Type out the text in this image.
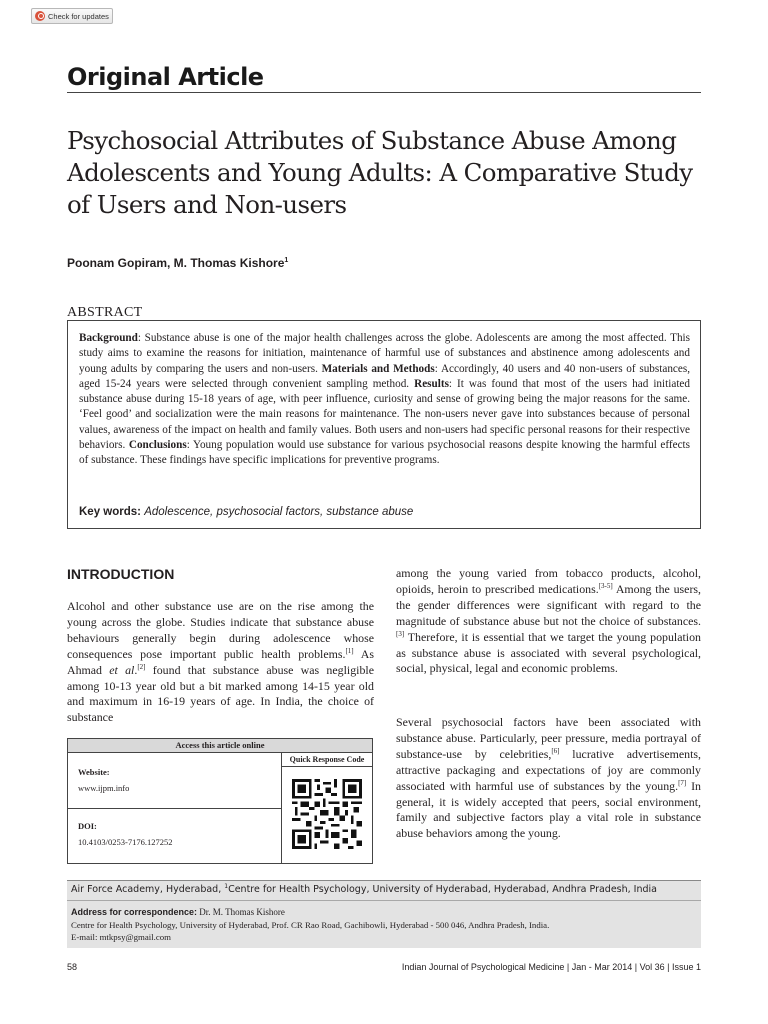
Check for updates
Original Article
Psychosocial Attributes of Substance Abuse Among Adolescents and Young Adults: A Comparative Study of Users and Non-users
Poonam Gopiram, M. Thomas Kishore$^1$
ABSTRACT

Background: Substance abuse is one of the major health challenges across the globe. Adolescents are among the most affected. This study aims to examine the reasons for initiation, maintenance of harmful use of substances and abstinence among adolescents and young adults by comparing the users and non-users. Materials and Methods: Accordingly, 40 users and 40 non-users of substances, aged 15-24 years were selected through convenient sampling method. Results: It was found that most of the users had initiated substance abuse during 15-18 years of age, with peer influence, curiosity and sense of growing being the major reasons for the same. ‘Feel good’ and socialization were the main reasons for maintenance. The non-users never gave into substances because of personal values, awareness of the impact on health and family values. Both users and non-users had specific personal reasons for their respective behaviors. Conclusions: Young population would use substance for various psychosocial reasons despite knowing the harmful effects of substance. These findings have specific implications for preventive programs.

Key words: Adolescence, psychosocial factors, substance abuse
INTRODUCTION

Alcohol and other substance use are on the rise among the young across the globe. Studies indicate that substance abuse behaviours generally begin during adolescence whose consequences pose important public health problems.[1] As Ahmad et al.[2] found that substance abuse was negligible among 10-13 year old but a bit marked among 14-15 year old and maximum in 16-19 years of age. In India, the choice of substance

among the young varied from tobacco products, alcohol, opioids, heroin to prescribed medications.[3-5] Among the users, the gender differences were significant with regard to the magnitude of substance abuse but not the choice of substances.[3] Therefore, it is essential that we target the young population as substance abuse is associated with several psychological, social, physical, legal and economic problems.

Several psychosocial factors have been associated with substance abuse. Particularly, peer pressure, media portrayal of substance-use by celebrities,[6] lucrative advertisements, attractive packaging and expectations of joy are commonly associated with harmful use of substances by the young.[7] In general, it is widely accepted that peers, social environment, family and subjective factors play a vital role in substance abuse behaviors among the young.

Access this article online
Website:
www.ijpm.info
DOI:
10.4103/0253-7176.127252
Quick Response Code
Air Force Academy, Hyderabad, $^1$Centre for Health Psychology, University of Hyderabad, Hyderabad, Andhra Pradesh, India
Address for correspondence: Dr. M. Thomas Kishore
Centre for Health Psychology, University of Hyderabad, Prof. CR Rao Road, Gachibowli, Hyderabad - 500 046, Andhra Pradesh, India.
E-mail: mtkpsy@gmail.com
58	Indian Journal of Psychological Medicine | Jan - Mar 2014 | Vol 36 | Issue 1
